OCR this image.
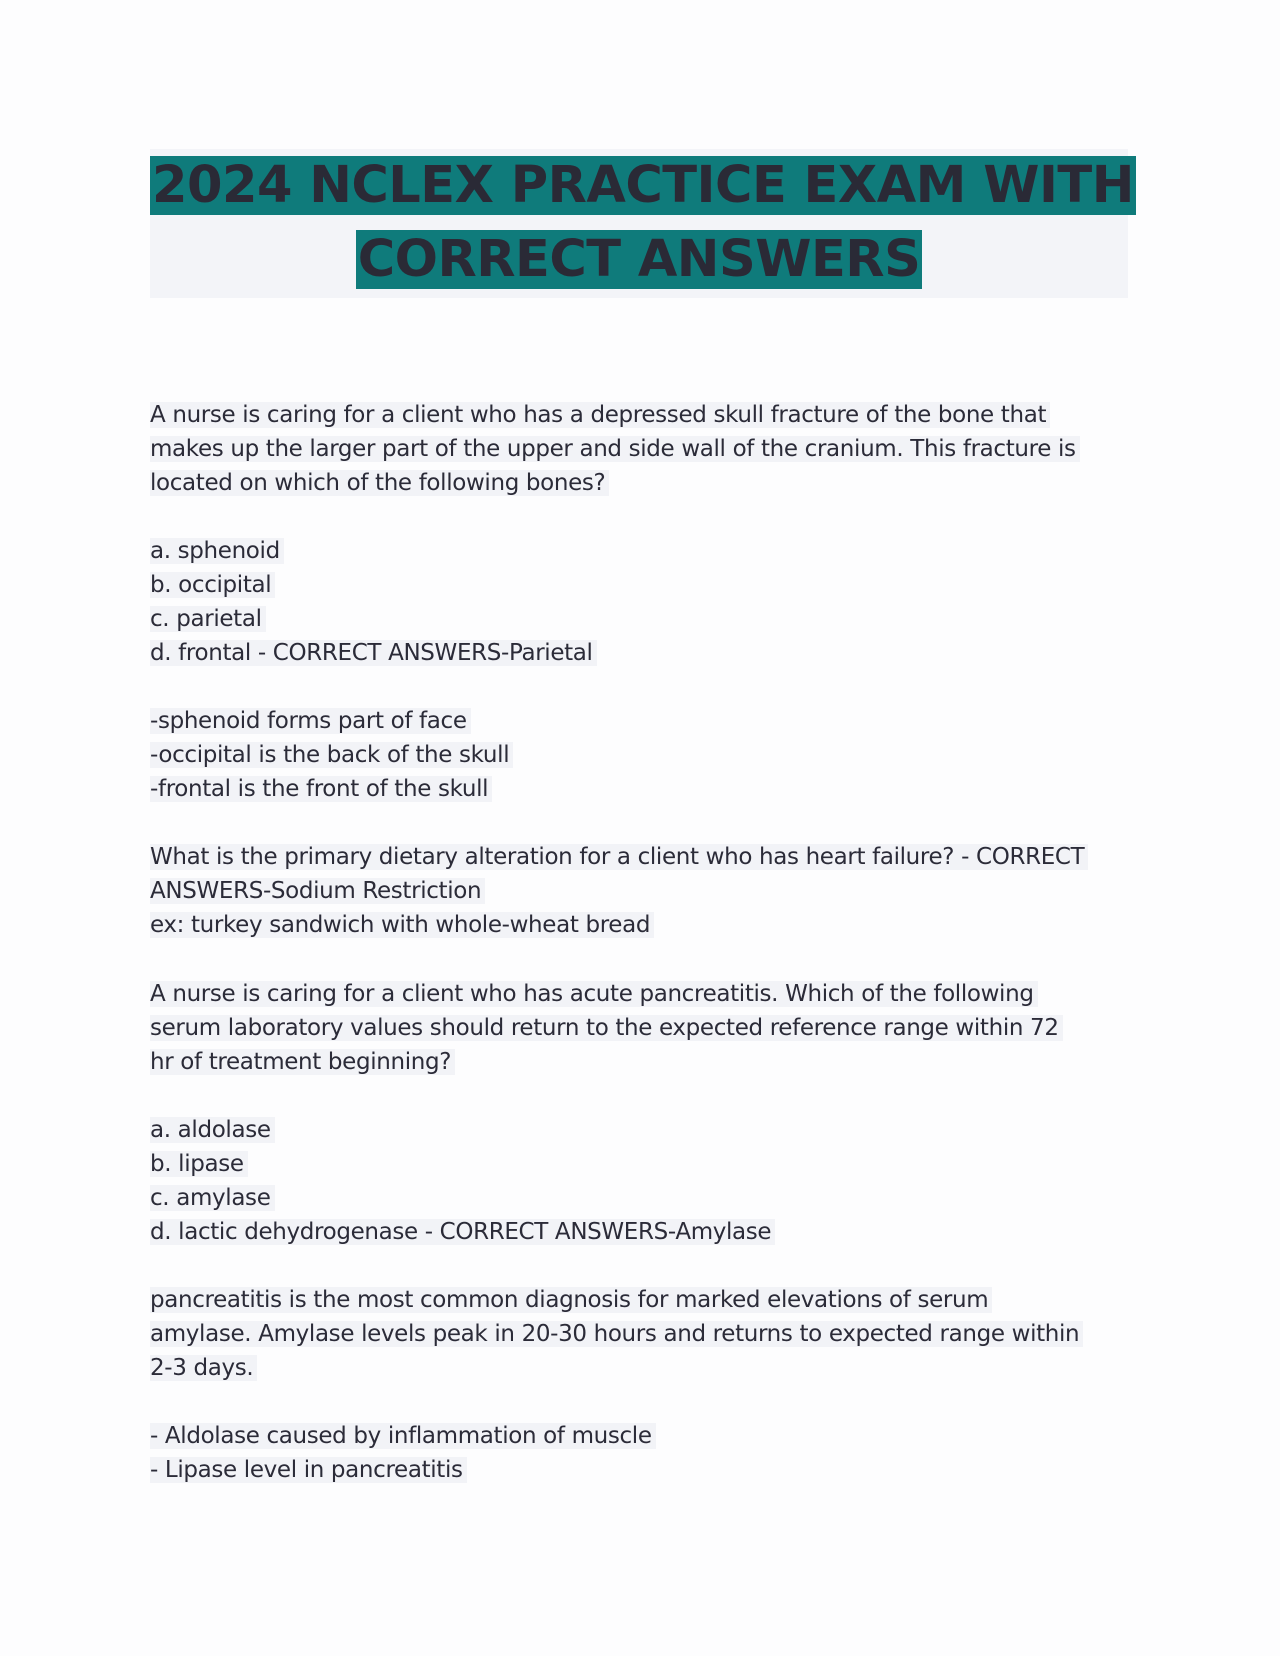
2024 NCLEX PRACTICE EXAM WITH
CORRECT ANSWERS
A nurse is caring for a client who has a depressed skull fracture of the bone that
makes up the larger part of the upper and side wall of the cranium. This fracture is
located on which of the following bones?
a. sphenoid
b. occipital
c. parietal
d. frontal - CORRECT ANSWERS-Parietal
-sphenoid forms part of face
-occipital is the back of the skull
-frontal is the front of the skull
What is the primary dietary alteration for a client who has heart failure? - CORRECT
ANSWERS-Sodium Restriction
ex: turkey sandwich with whole-wheat bread
A nurse is caring for a client who has acute pancreatitis. Which of the following
serum laboratory values should return to the expected reference range within 72
hr of treatment beginning?
a. aldolase
b. lipase
c. amylase
d. lactic dehydrogenase - CORRECT ANSWERS-Amylase
pancreatitis is the most common diagnosis for marked elevations of serum
amylase. Amylase levels peak in 20-30 hours and returns to expected range within
2-3 days.
- Aldolase caused by inflammation of muscle
- Lipase level in pancreatitis
